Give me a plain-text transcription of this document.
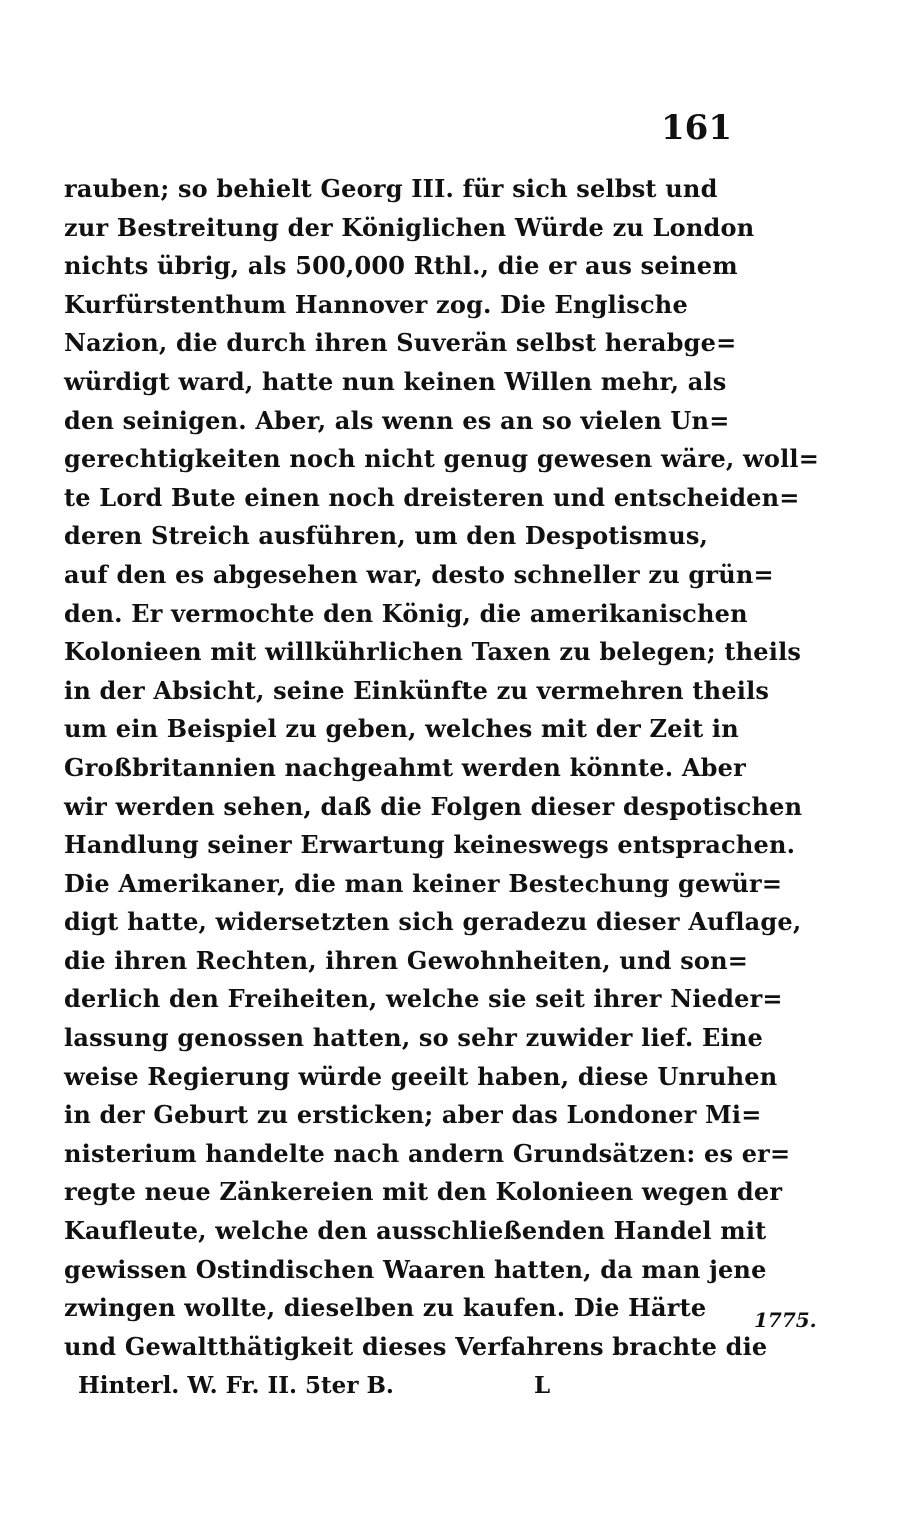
161
rauben; so behielt Georg III. für sich selbst und
zur Bestreitung der Königlichen Würde zu London
nichts übrig, als 500,000 Rthl., die er aus seinem
Kurfürstenthum Hannover zog. Die Englische
Nazion, die durch ihren Suverän selbst herabge=
würdigt ward, hatte nun keinen Willen mehr, als
den seinigen. Aber, als wenn es an so vielen Un=
gerechtigkeiten noch nicht genug gewesen wäre, woll=
te Lord Bute einen noch dreisteren und entscheiden=
deren Streich ausführen, um den Despotismus,
auf den es abgesehen war, desto schneller zu grün=
den. Er vermochte den König, die amerikanischen
Kolonieen mit willkührlichen Taxen zu belegen; theils
in der Absicht, seine Einkünfte zu vermehren theils
um ein Beispiel zu geben, welches mit der Zeit in
Großbritannien nachgeahmt werden könnte. Aber
wir werden sehen, daß die Folgen dieser despotischen
Handlung seiner Erwartung keineswegs entsprachen.
Die Amerikaner, die man keiner Bestechung gewür=
digt hatte, widersetzten sich geradezu dieser Auflage,
die ihren Rechten, ihren Gewohnheiten, und son=
derlich den Freiheiten, welche sie seit ihrer Nieder=
lassung genossen hatten, so sehr zuwider lief. Eine
weise Regierung würde geeilt haben, diese Unruhen
in der Geburt zu ersticken; aber das Londoner Mi=
nisterium handelte nach andern Grundsätzen: es er=
regte neue Zänkereien mit den Kolonieen wegen der
Kaufleute, welche den ausschließenden Handel mit
gewissen Ostindischen Waaren hatten, da man jene
zwingen wollte, dieselben zu kaufen. Die Härte
und Gewaltthätigkeit dieses Verfahrens brachte die
1775.
Hinterl. W. Fr. II. 5ter B.	L
